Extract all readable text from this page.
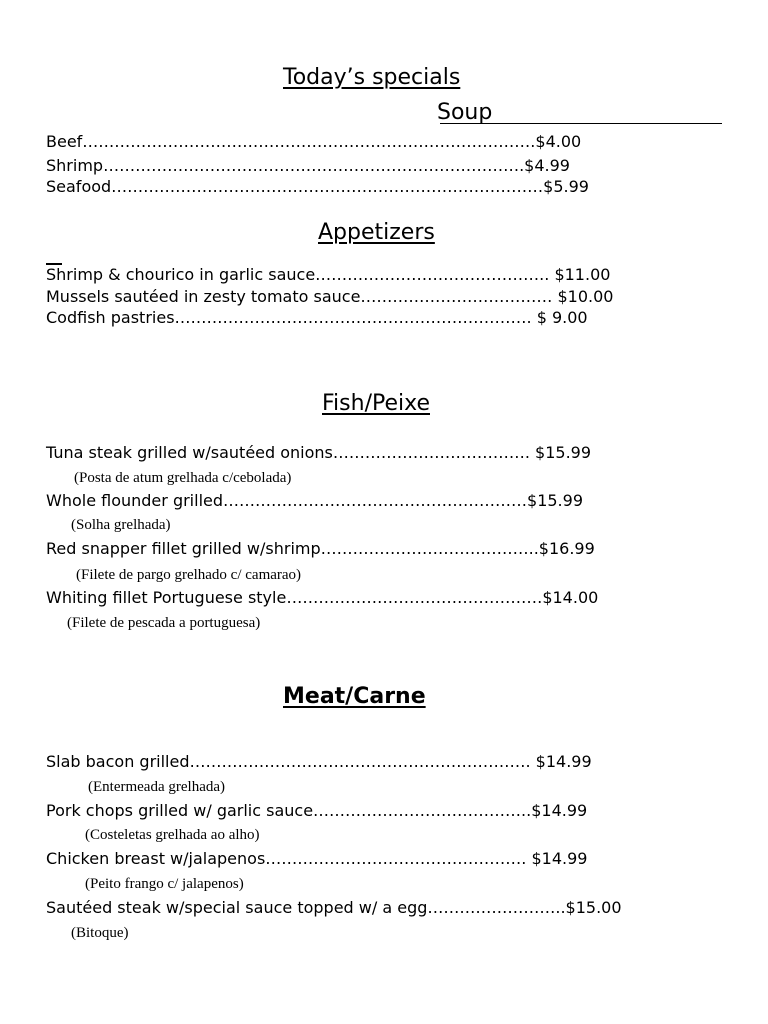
Today’s specials
Soup
Beef………………………………………………………………………….$4.00
Shrimp…………………………………………………………………….$4.99
Seafood………………………………………………………………………$5.99
Appetizers
Shrimp & chourico in garlic sauce…………………………………….. $11.00
Mussels sautéed in zesty tomato sauce……………………………… $10.00
Codfish pastries…………………………………………………………. $ 9.00
Fish/Peixe
Tuna steak grilled w/sautéed onions………………………………. $15.99
(Posta de atum grelhada c/cebolada)
Whole flounder grilled…………………………………………………$15.99
(Solha grelhada)
Red snapper fillet grilled w/shrimp…………………………………..$16.99
(Filete de pargo grelhado c/ camarao)
Whiting fillet Portuguese style…………………………………………$14.00
(Filete de pescada a portuguesa)
Meat/Carne
Slab bacon grilled………………………………………………………. $14.99
(Entermeada grelhada)
Pork chops grilled w/ garlic sauce…………………………………..$14.99
(Costeletas grelhada ao alho)
Chicken breast w/jalapenos…………………………………………. $14.99
(Peito frango c/ jalapenos)
Sautéed steak w/special sauce topped w/ a egg……………………..$15.00
(Bitoque)
